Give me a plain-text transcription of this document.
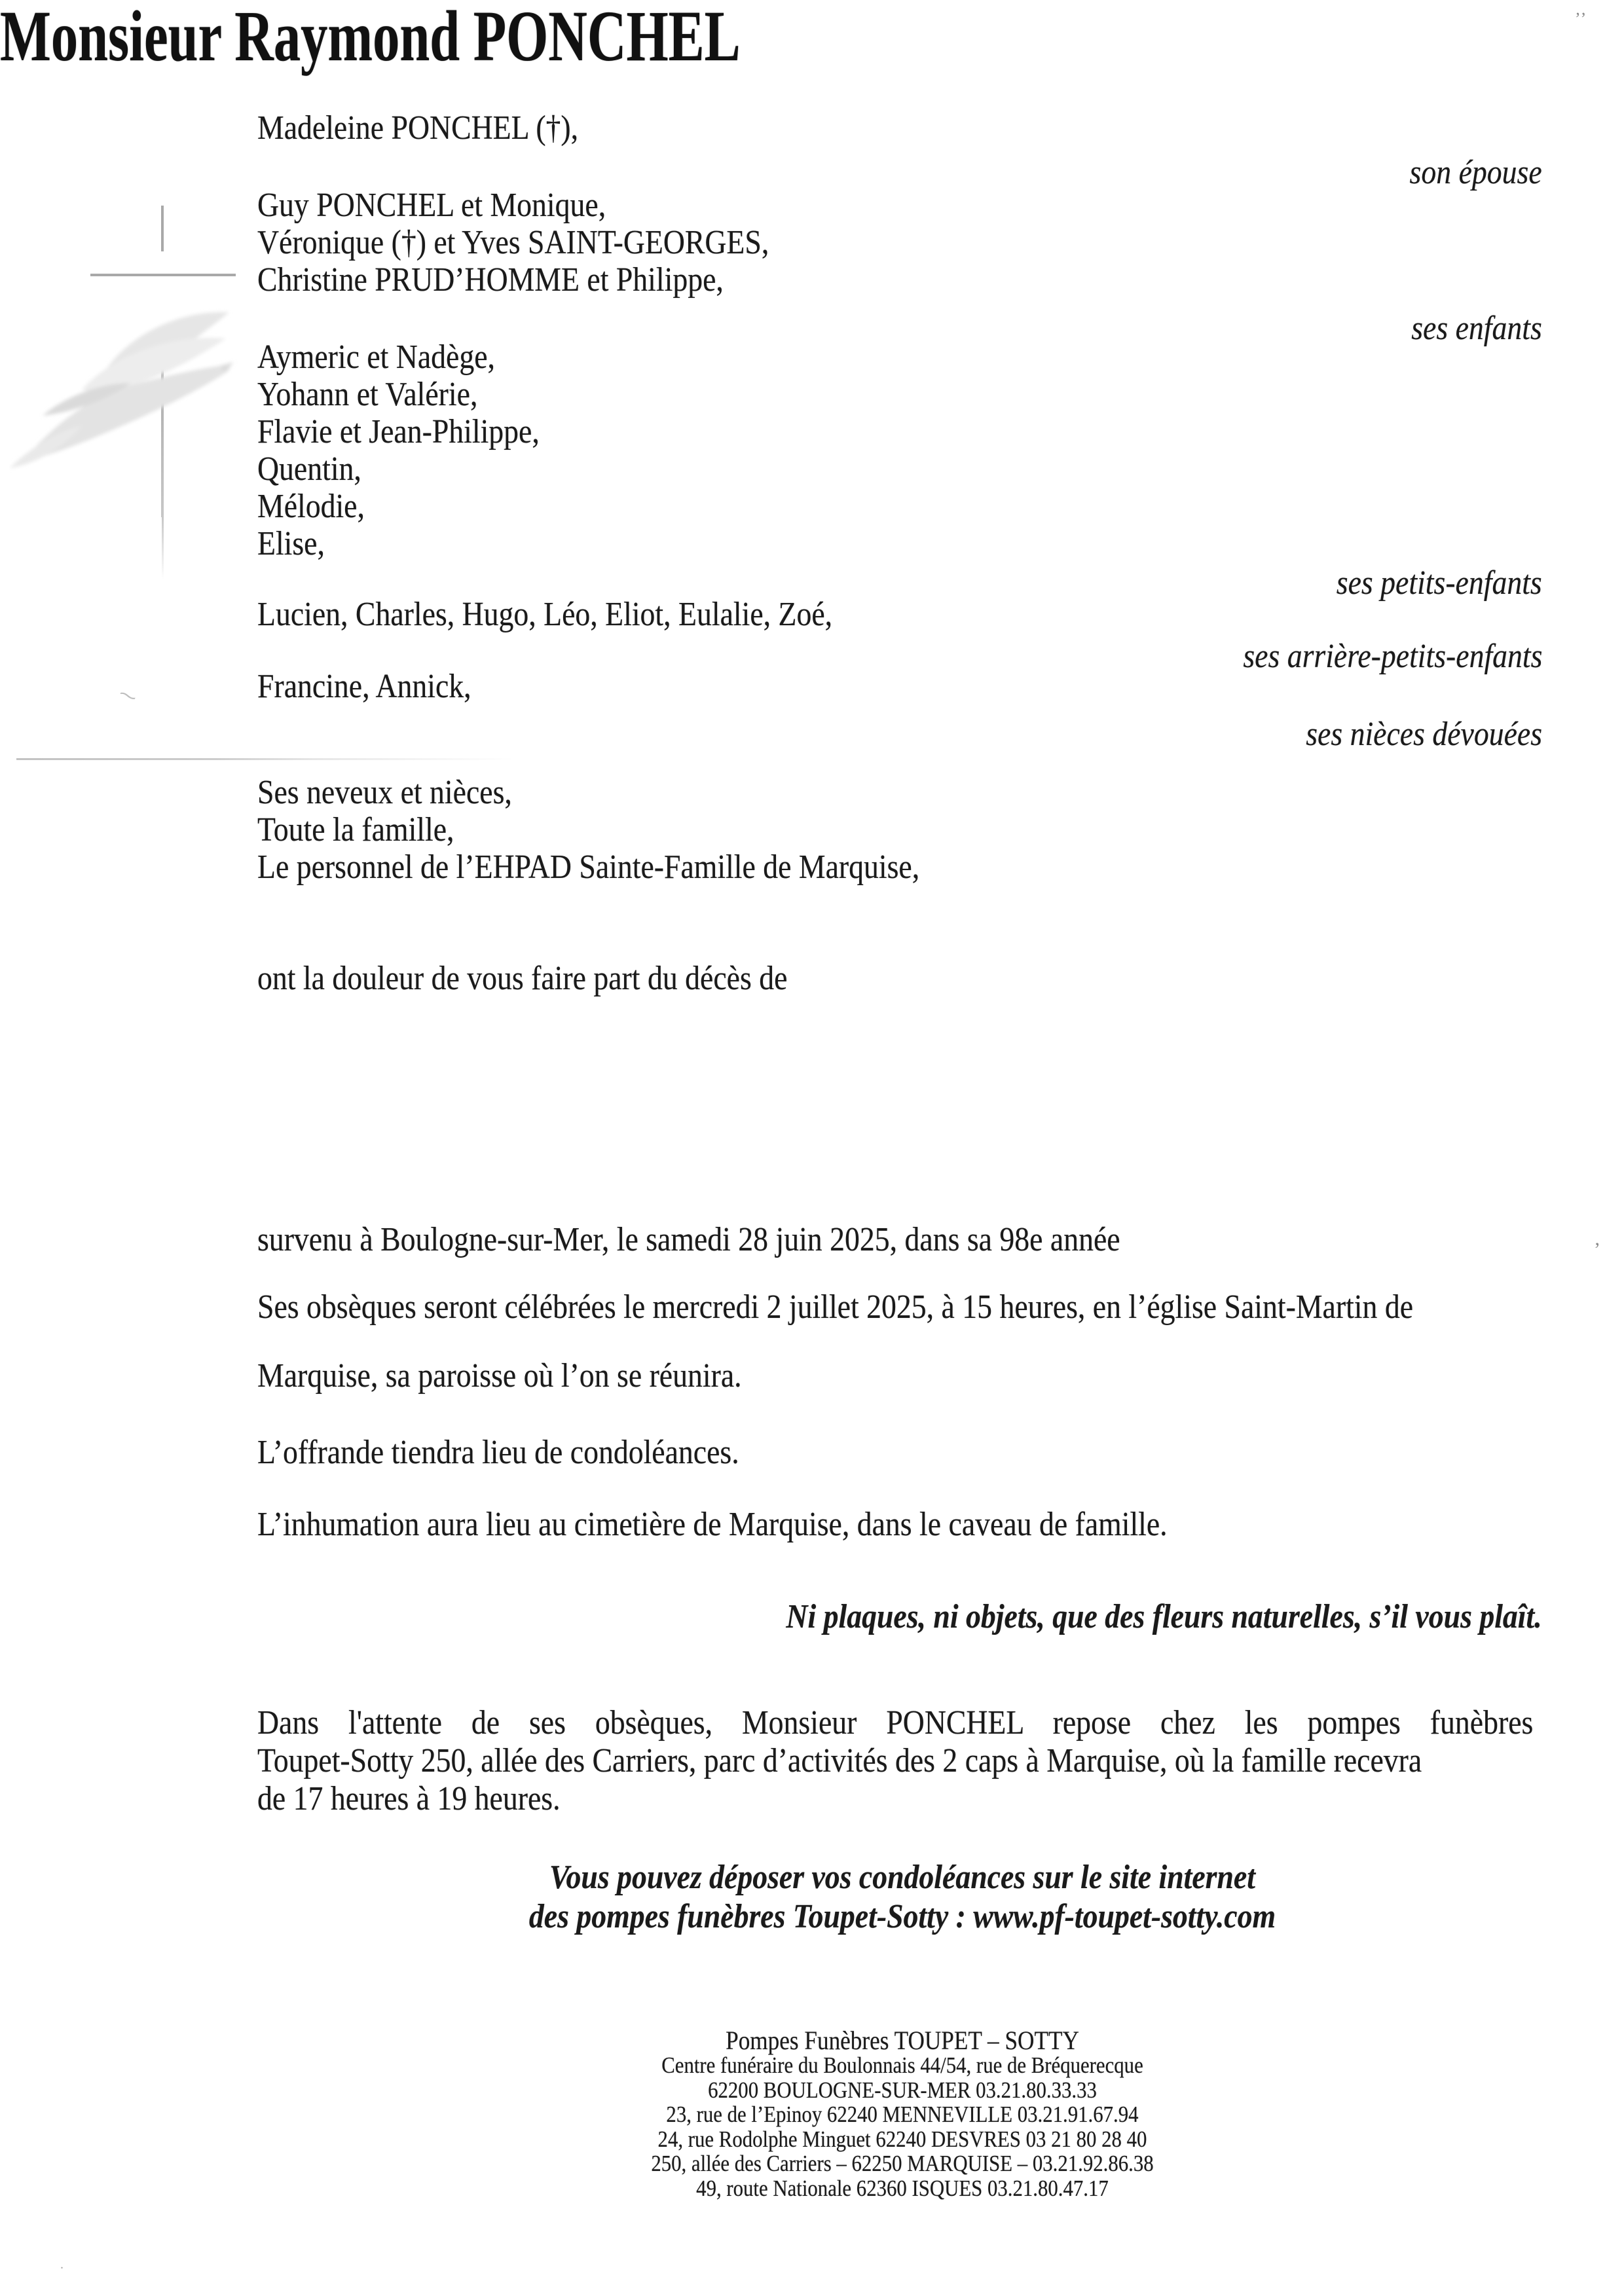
ʼʼ
’
⁓
.
Madeleine PONCHEL (†),
son épouse
Guy PONCHEL et Monique,
Véronique (†) et Yves SAINT-GEORGES,
Christine PRUD’HOMME et Philippe,
ses enfants
Aymeric et Nadège,
Yohann et Valérie,
Flavie et Jean-Philippe,
Quentin,
Mélodie,
Elise,
ses petits-enfants
Lucien, Charles, Hugo, Léo, Eliot, Eulalie, Zoé,
ses arrière-petits-enfants
Francine, Annick,
ses nièces dévouées
Ses neveux et nièces,
Toute la famille,
Le personnel de l’EHPAD Sainte-Famille de Marquise,
ont la douleur de vous faire part du décès de
Monsieur Raymond PONCHEL
survenu à Boulogne-sur-Mer, le samedi 28 juin 2025, dans sa 98e année
Ses obsèques seront célébrées le mercredi 2 juillet 2025, à 15 heures, en l’église Saint-Martin de
Marquise, sa paroisse où l’on se réunira.
L’offrande tiendra lieu de condoléances.
L’inhumation aura lieu au cimetière de Marquise, dans le caveau de famille.
Ni plaques, ni objets, que des fleurs naturelles, s’il vous plaît.
Dans l'attente de ses obsèques, Monsieur PONCHEL repose chez les pompes funèbres
Toupet-Sotty 250, allée des Carriers, parc d’activités des 2 caps à Marquise, où la famille recevra
de 17 heures à 19 heures.
Vous pouvez déposer vos condoléances sur le site internet
des pompes funèbres Toupet-Sotty : www.pf-toupet-sotty.com
Pompes Funèbres TOUPET – SOTTY
Centre funéraire du Boulonnais 44/54, rue de Bréquerecque
62200 BOULOGNE-SUR-MER 03.21.80.33.33
23, rue de l’Epinoy 62240 MENNEVILLE 03.21.91.67.94
24, rue Rodolphe Minguet 62240 DESVRES 03 21 80 28 40
250, allée des Carriers – 62250 MARQUISE – 03.21.92.86.38
49, route Nationale 62360 ISQUES 03.21.80.47.17
